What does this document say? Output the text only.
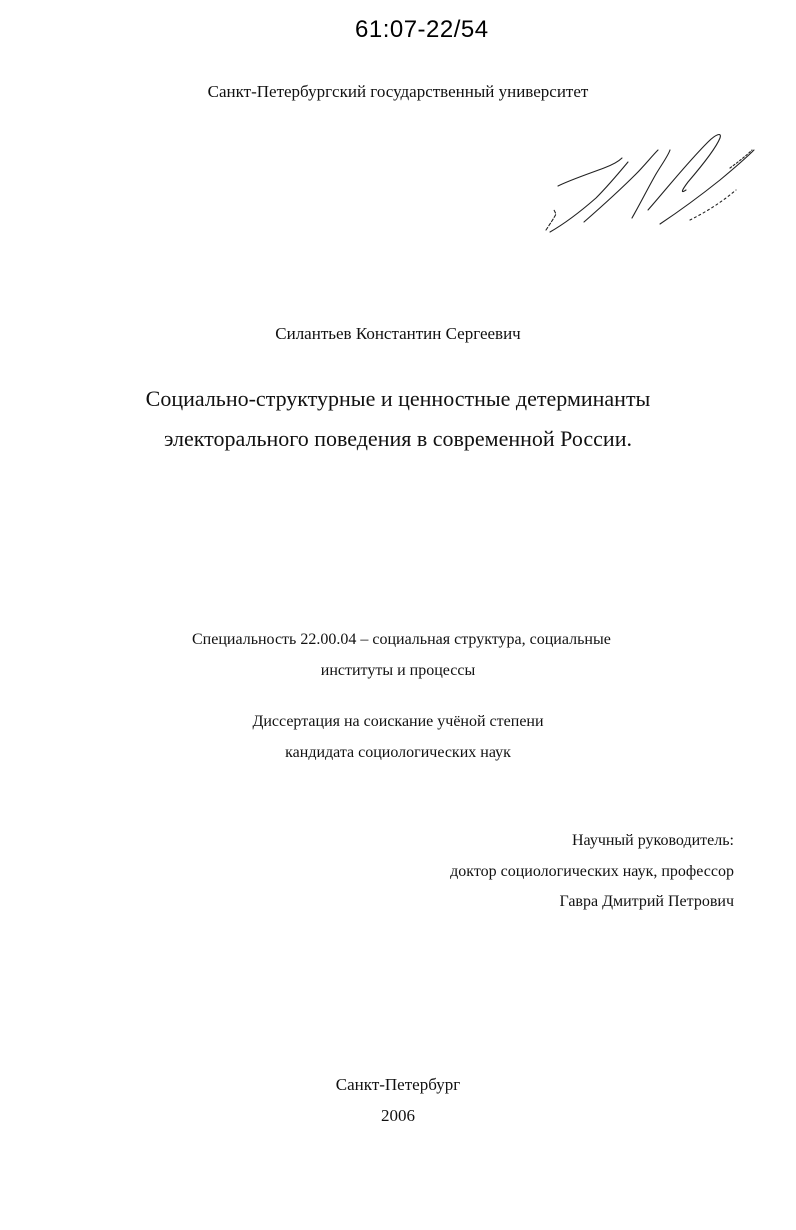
61:07-22/54
Санкт-Петербургский государственный университет
Силантьев Константин Сергеевич
Социально-структурные и ценностные детерминанты
электорального поведения в современной России.
Специальность 22.00.04 – социальная структура, социальные
институты и процессы
Диссертация на соискание учёной степени
кандидата социологических наук
Научный руководитель:
доктор социологических наук, профессор
Гавра Дмитрий Петрович
Санкт-Петербург
2006
